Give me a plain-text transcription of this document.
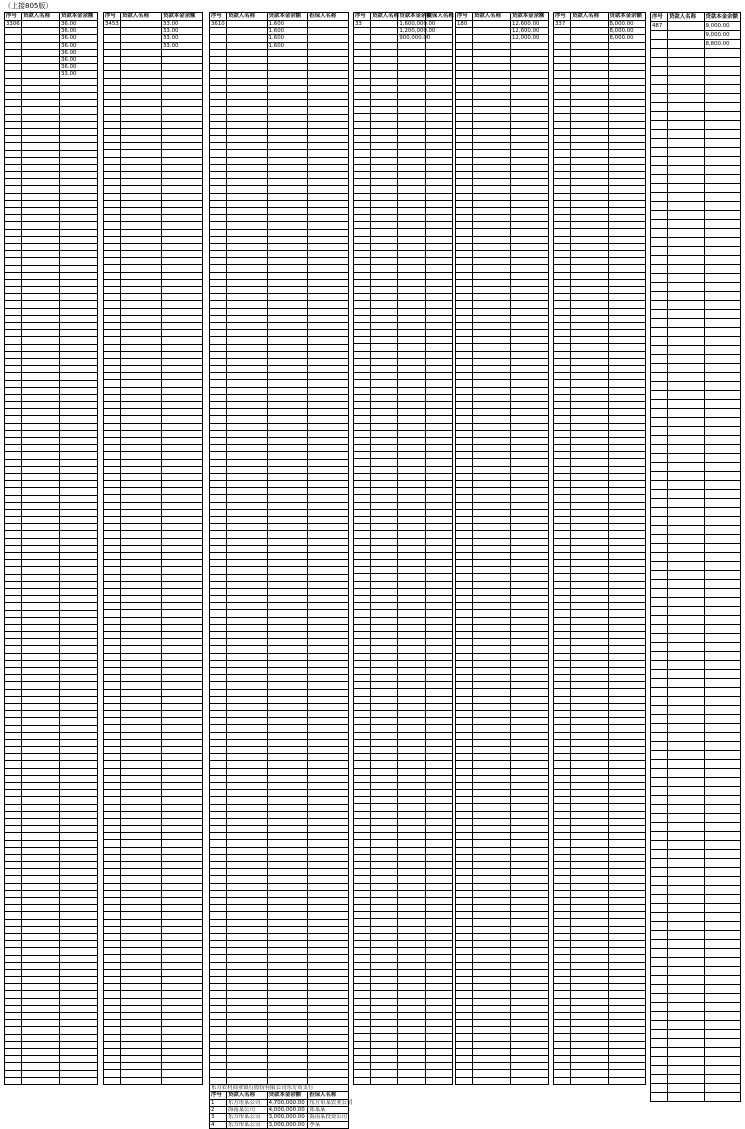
（上接805版）
序号	贷款人名称	贷款本金余额
3306		36.00
		36.00
		36.00
		36.00
		36.00
		36.00
		36.00
		33.00

序号	贷款人名称	贷款本金余额
3453		33.00
		33.00
		33.00
		33.00

序号	贷款人名称	贷款本金余额	担保人名称
3610		1.600	
		1.600	
		1.600	
		1.600	

东方农村商业银行股份有限公司东方市支行			
序号	贷款人名称	贷款本金余额	担保人名称
1	东方市某公司	4,700,000.00	东方市某农业公司
2	海南某公司	4,000,000.00	郑某某
3	东方市某公司	3,000,000.00	海南某投资公司
4	东方市某公司	3,000,000.00	李某
序号	贷款人名称	贷款本金余额	担保人名称
33		1,600,000.00	
		1,200,000.00	
		900,000.00	

序号	贷款人名称	贷款本金余额
180		12,600.00
		12,600.00
		12,000.00

序号	贷款人名称	贷款本金余额
337		8,000.00
		8,000.00
		8,000.00

序号	贷款人名称	贷款本金余额
487		9,000.00
		9,000.00
		8,800.00
